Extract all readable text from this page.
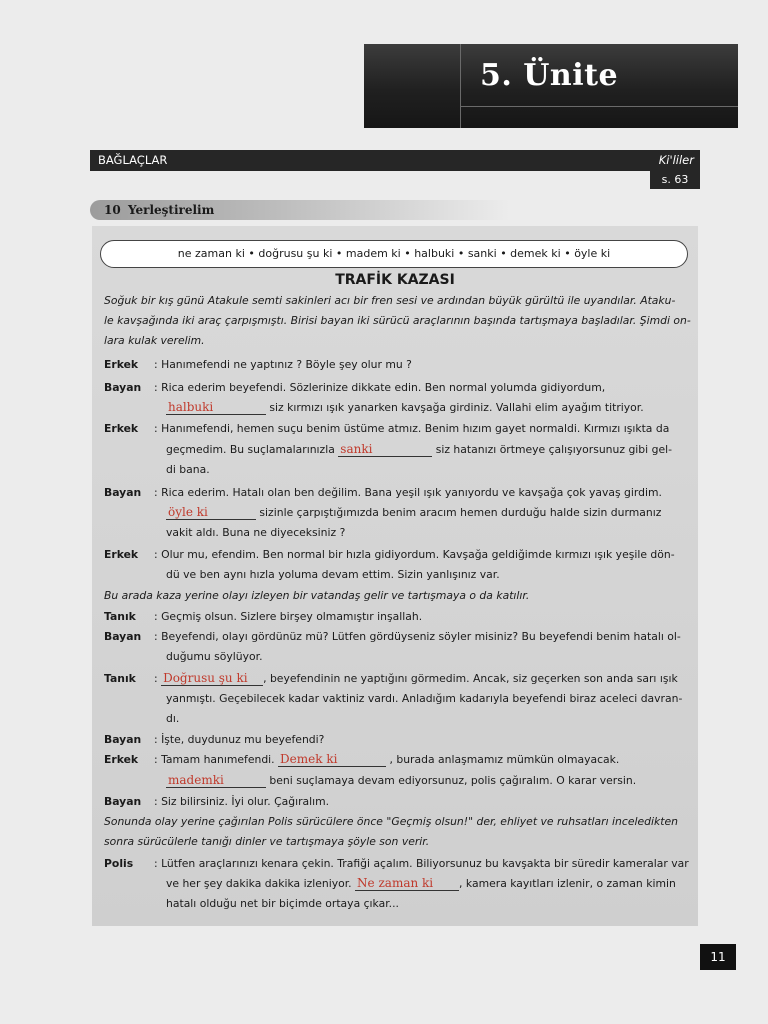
5. Ünite
BAĞLAÇLAR	Ki'liler
s. 63
10 Yerleştirelim
ne zaman ki • doğrusu şu ki • madem ki • halbuki • sanki • demek ki • öyle ki
TRAFİK KAZASI
Soğuk bir kış günü Atakule semti sakinleri acı bir fren sesi ve ardından büyük gürültü ile uyandılar. Ataku-
le kavşağında iki araç çarpışmıştı. Birisi bayan iki sürücü araçlarının başında tartışmaya başladılar. Şimdi on-
lara kulak verelim.
Erkek : Hanımefendi ne yaptınız ? Böyle şey olur mu ?
Bayan : Rica ederim beyefendi. Sözlerinize dikkate edin. Ben normal yolumda gidiyordum,
halbuki	siz kırmızı ışık yanarken kavşağa girdiniz. Vallahi elim ayağım titriyor.
Erkek : Hanımefendi, hemen suçu benim üstüme atmız. Benim hızım gayet normaldi. Kırmızı ışıkta da
geçmedim. Bu suçlamalarınızla sanki	siz hatanızı örtmeye çalışıyorsunuz gibi gel-
di bana.
Bayan : Rica ederim. Hatalı olan ben değilim. Bana yeşil ışık yanıyordu ve kavşağa çok yavaş girdim.
öyle ki	sizinle çarpıştığımızda benim aracım hemen durduğu halde sizin durmanız
vakit aldı. Buna ne diyeceksiniz ?
Erkek : Olur mu, efendim. Ben normal bir hızla gidiyordum. Kavşağa geldiğimde kırmızı ışık yeşile dön-
dü ve ben aynı hızla yoluma devam ettim. Sizin yanlışınız var.
Bu arada kaza yerine olayı izleyen bir vatandaş gelir ve tartışmaya o da katılır.
Tanık : Geçmiş olsun. Sizlere birşey olmamıştır inşallah.
Bayan : Beyefendi, olayı gördünüz mü? Lütfen gördüyseniz söyler misiniz? Bu beyefendi benim hatalı ol-
duğumu söylüyor.
Tanık : Doğrusu şu ki , beyefendinin ne yaptığını görmedim. Ancak, siz geçerken son anda sarı ışık
yanmıştı. Geçebilecek kadar vaktiniz vardı. Anladığım kadarıyla beyefendi biraz aceleci davran-
dı.
Bayan : İşte, duydunuz mu beyefendi?
Erkek : Tamam hanımefendi. Demek ki	, burada anlaşmamız mümkün olmayacak.
mademki	beni suçlamaya devam ediyorsunuz, polis çağıralım. O karar versin.
Bayan : Siz bilirsiniz. İyi olur. Çağıralım.
Sonunda olay yerine çağırılan Polis sürücülere önce "Geçmiş olsun!" der, ehliyet ve ruhsatları inceledikten
sonra sürücülerle tanığı dinler ve tartışmaya şöyle son verir.
Polis : Lütfen araçlarınızı kenara çekin. Trafiği açalım. Biliyorsunuz bu kavşakta bir süredir kameralar var
ve her şey dakika dakika izleniyor. Ne zaman ki , kamera kayıtları izlenir, o zaman kimin
hatalı olduğu net bir biçimde ortaya çıkar...
11
